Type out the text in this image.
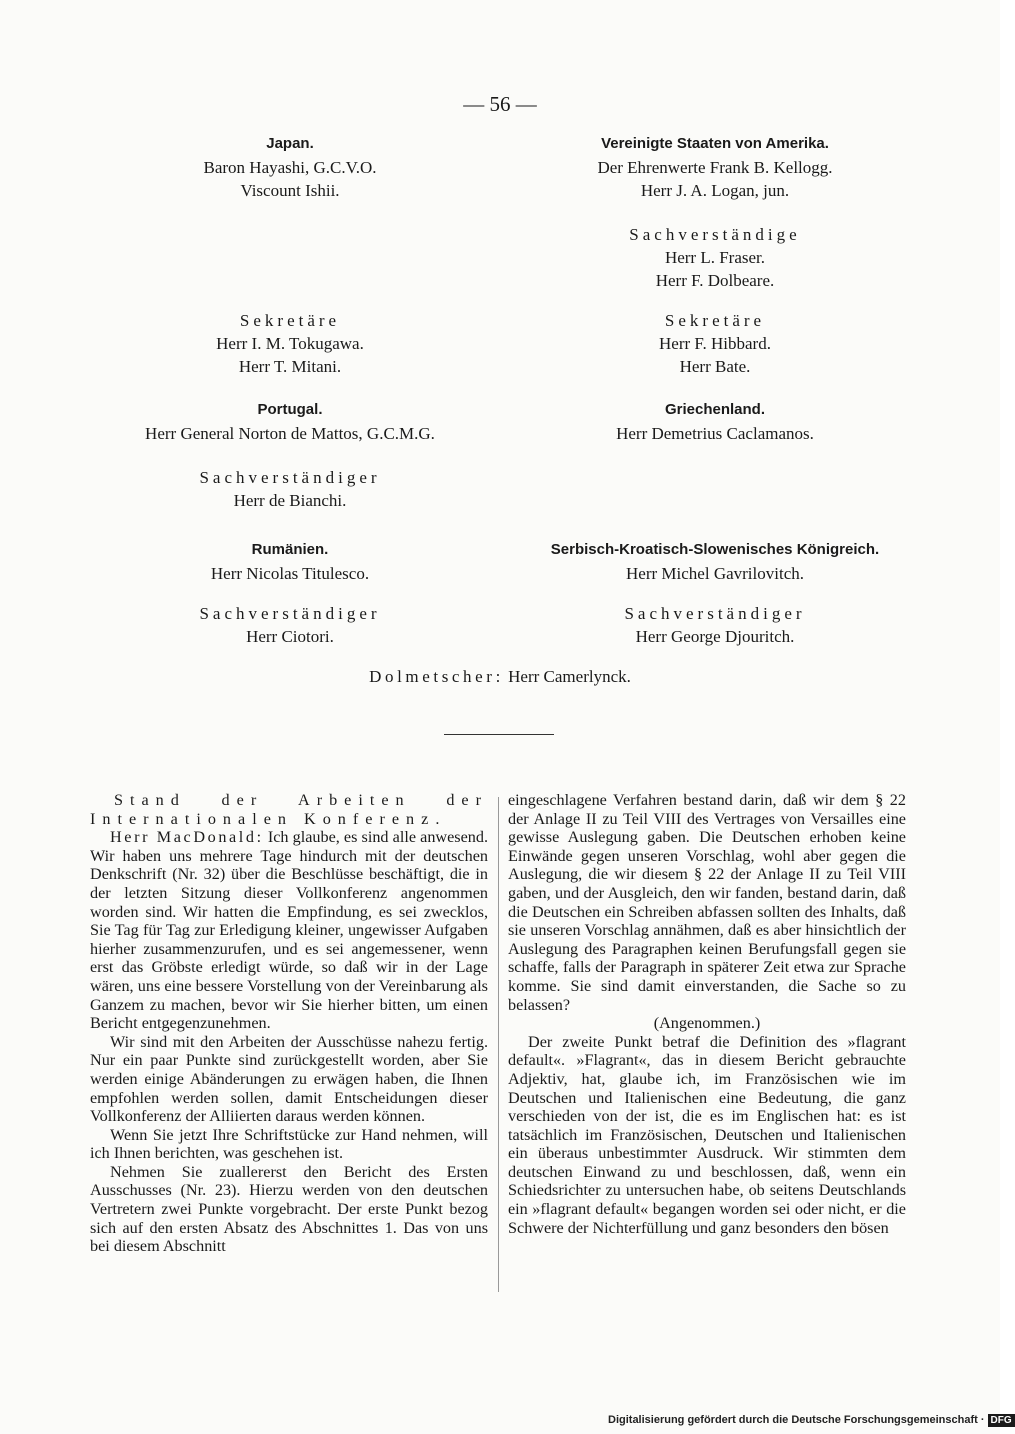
— 56 —
Japan.
Baron Hayashi, G.C.V.O.
Viscount Ishii.
Sekretäre
Herr I. M. Tokugawa.
Herr T. Mitani.
Portugal.
Herr General Norton de Mattos, G.C.M.G.
Sachverständiger
Herr de Bianchi.
Rumänien.
Herr Nicolas Titulesco.
Sachverständiger
Herr Ciotori.
Vereinigte Staaten von Amerika.
Der Ehrenwerte Frank B. Kellogg.
Herr J. A. Logan, jun.
Sachverständige
Herr L. Fraser.
Herr F. Dolbeare.
Sekretäre
Herr F. Hibbard.
Herr Bate.
Griechenland.
Herr Demetrius Caclamanos.
Serbisch-Kroatisch-Slowenisches Königreich.
Herr Michel Gavrilovitch.
Sachverständiger
Herr George Djouritch.
Dolmetscher: Herr Camerlynck.

Stand der Arbeiten der Internationalen Konferenz.

Herr MacDonald: Ich glaube, es sind alle anwesend. Wir haben uns mehrere Tage hindurch mit der deutschen Denkschrift (Nr. 32) über die Beschlüsse beschäftigt, die in der letzten Sitzung dieser Vollkonferenz angenommen worden sind. Wir hatten die Empfindung, es sei zwecklos, Sie Tag für Tag zur Erledigung kleiner, ungewisser Aufgaben hierher zusammenzurufen, und es sei angemessener, wenn erst das Gröbste erledigt würde, so daß wir in der Lage wären, uns eine bessere Vorstellung von der Vereinbarung als Ganzem zu machen, bevor wir Sie hierher bitten, um einen Bericht entgegenzunehmen.

Wir sind mit den Arbeiten der Ausschüsse nahezu fertig. Nur ein paar Punkte sind zurückgestellt worden, aber Sie werden einige Abänderungen zu erwägen haben, die Ihnen empfohlen werden sollen, damit Entscheidungen dieser Vollkonferenz der Alliierten daraus werden können.

Wenn Sie jetzt Ihre Schriftstücke zur Hand nehmen, will ich Ihnen berichten, was geschehen ist.

Nehmen Sie zuallererst den Bericht des Ersten Ausschusses (Nr. 23). Hierzu werden von den deutschen Vertretern zwei Punkte vorgebracht. Der erste Punkt bezog sich auf den ersten Absatz des Abschnittes 1. Das von uns bei diesem Abschnitt

eingeschlagene Verfahren bestand darin, daß wir dem § 22 der Anlage II zu Teil VIII des Vertrages von Versailles eine gewisse Auslegung gaben. Die Deutschen erhoben keine Einwände gegen unseren Vorschlag, wohl aber gegen die Auslegung, die wir diesem § 22 der Anlage II zu Teil VIII gaben, und der Ausgleich, den wir fanden, bestand darin, daß die Deutschen ein Schreiben abfassen sollten des Inhalts, daß sie unseren Vorschlag annähmen, daß es aber hinsichtlich der Auslegung des Paragraphen keinen Berufungsfall gegen sie schaffe, falls der Paragraph in späterer Zeit etwa zur Sprache komme. Sie sind damit einverstanden, die Sache so zu belassen?

(Angenommen.)

Der zweite Punkt betraf die Definition des »flagrant default«. »Flagrant«, das in diesem Bericht gebrauchte Adjektiv, hat, glaube ich, im Französischen wie im Deutschen und Italienischen eine Bedeutung, die ganz verschieden von der ist, die es im Englischen hat: es ist tatsächlich im Französischen, Deutschen und Italienischen ein überaus unbestimmter Ausdruck. Wir stimmten dem deutschen Einwand zu und beschlossen, daß, wenn ein Schiedsrichter zu untersuchen habe, ob seitens Deutschlands ein »flagrant default« begangen worden sei oder nicht, er die Schwere der Nichterfüllung und ganz besonders den bösen

Digitalisierung gefördert durch die Deutsche Forschungsgemeinschaft · DFG
